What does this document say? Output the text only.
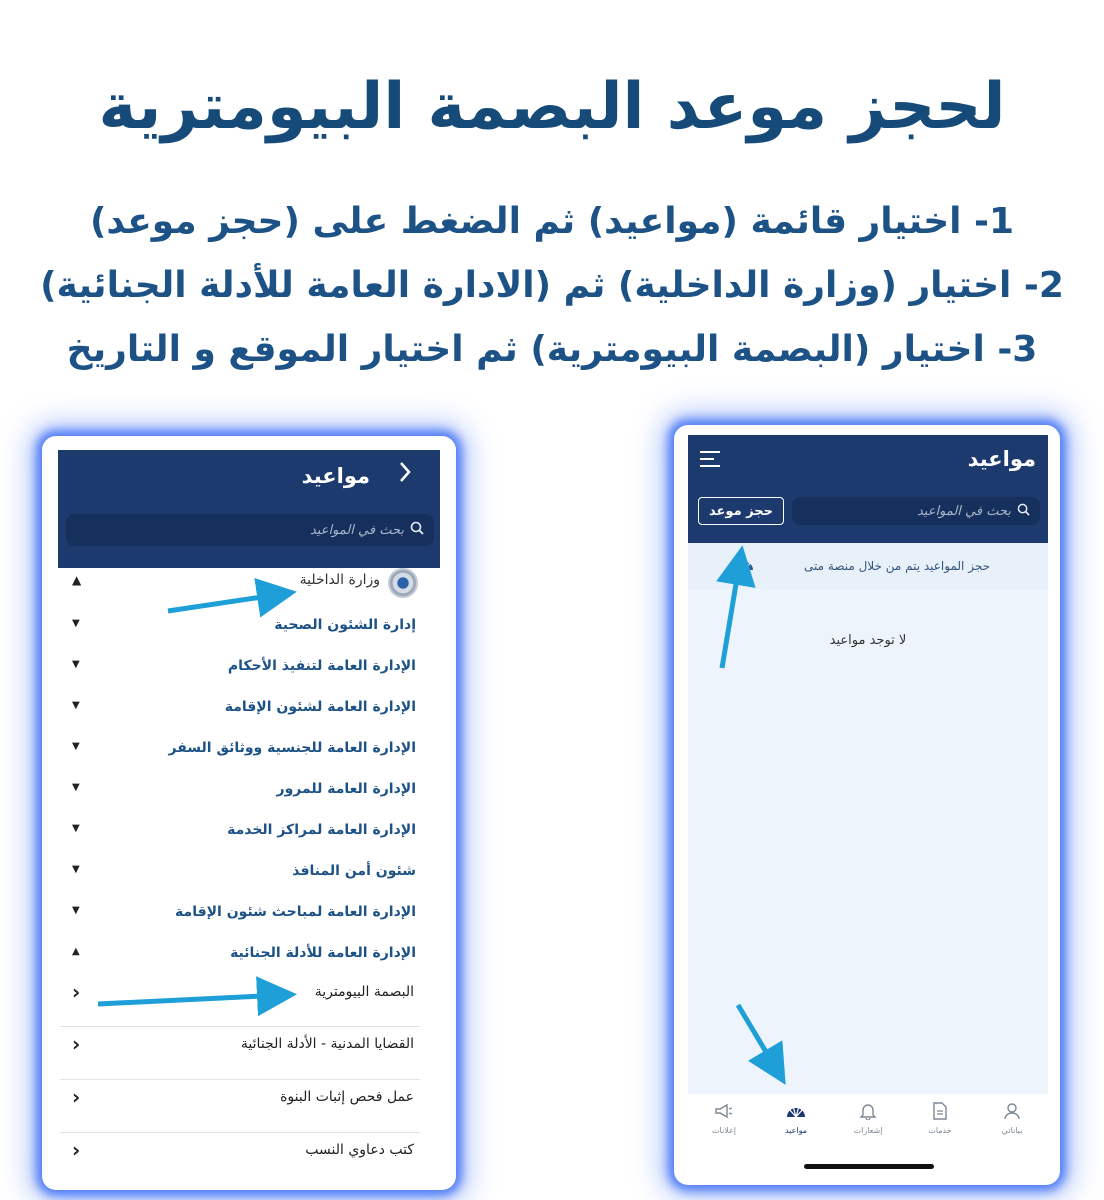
لحجز موعد البصمة البيومترية
1- اختيار قائمة (مواعيد) ثم الضغط على (حجز موعد)
2- اختيار (وزارة الداخلية) ثم (الادارة العامة للأدلة الجنائية)
3- اختيار (البصمة البيومترية) ثم اختيار الموقع و التاريخ
مواعيد
بحث في المواعيد
وزارة الداخلية
▲
إدارة الشئون الصحية
▼
الإدارة العامة لتنفيذ الأحكام
▼
الإدارة العامة لشئون الإقامة
▼
الإدارة العامة للجنسية ووثائق السفر
▼
الإدارة العامة للمرور
▼
الإدارة العامة لمراكز الخدمة
▼
شئون أمن المنافذ
▼
الإدارة العامة لمباحث شئون الإقامة
▼
الإدارة العامة للأدلة الجنائية
▲
البصمة البيومترية
‹
القضايا المدنية - الأدلة الجنائية
‹
عمل فحص إثبات البنوة
‹
كتب دعاوي النسب
‹
مواعيد
حجز موعد	بحث في المواعيد
حجز المواعيد يتم من خلال منصة متى
لا توجد مواعيد
بياناتي
خدمات
إشعارات
مواعيد
إعلانات
